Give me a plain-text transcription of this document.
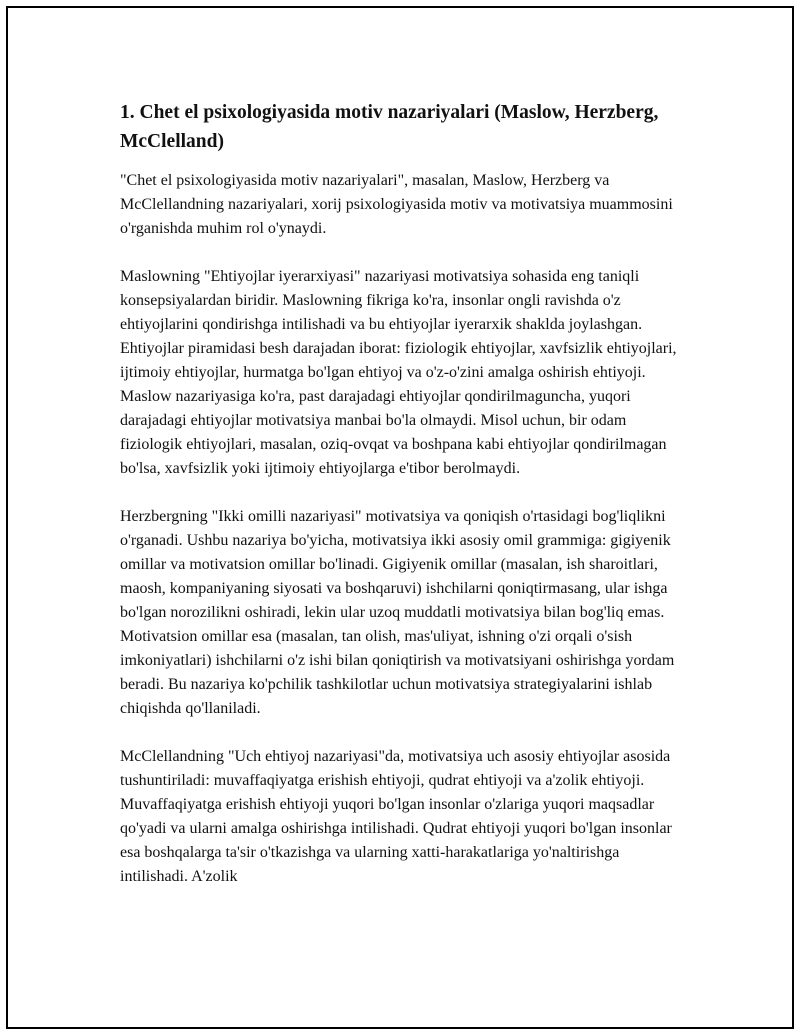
1. Chet el psixologiyasida motiv nazariyalari (Maslow, Herzberg, McClelland)

"Chet el psixologiyasida motiv nazariyalari", masalan, Maslow, Herzberg va McClellandning nazariyalari, xorij psixologiyasida motiv va motivatsiya muammosini o'rganishda muhim rol o'ynaydi.

Maslowning "Ehtiyojlar iyerarxiyasi" nazariyasi motivatsiya sohasida eng taniqli konsepsiyalardan biridir. Maslowning fikriga ko'ra, insonlar ongli ravishda o'z ehtiyojlarini qondirishga intilishadi va bu ehtiyojlar iyerarxik shaklda joylashgan. Ehtiyojlar piramidasi besh darajadan iborat: fiziologik ehtiyojlar, xavfsizlik ehtiyojlari, ijtimoiy ehtiyojlar, hurmatga bo'lgan ehtiyoj va o'z-o'zini amalga oshirish ehtiyoji. Maslow nazariyasiga ko'ra, past darajadagi ehtiyojlar qondirilmaguncha, yuqori darajadagi ehtiyojlar motivatsiya manbai bo'la olmaydi. Misol uchun, bir odam fiziologik ehtiyojlari, masalan, oziq-ovqat va boshpana kabi ehtiyojlar qondirilmagan bo'lsa, xavfsizlik yoki ijtimoiy ehtiyojlarga e'tibor berolmaydi.

Herzbergning "Ikki omilli nazariyasi" motivatsiya va qoniqish o'rtasidagi bog'liqlikni o'rganadi. Ushbu nazariya bo'yicha, motivatsiya ikki asosiy omil grammiga: gigiyenik omillar va motivatsion omillar bo'linadi. Gigiyenik omillar (masalan, ish sharoitlari, maosh, kompaniyaning siyosati va boshqaruvi) ishchilarni qoniqtirmasang, ular ishga bo'lgan norozilikni oshiradi, lekin ular uzoq muddatli motivatsiya bilan bog'liq emas. Motivatsion omillar esa (masalan, tan olish, mas'uliyat, ishning o'zi orqali o'sish imkoniyatlari) ishchilarni o'z ishi bilan qoniqtirish va motivatsiyani oshirishga yordam beradi. Bu nazariya ko'pchilik tashkilotlar uchun motivatsiya strategiyalarini ishlab chiqishda qo'llaniladi.

McClellandning "Uch ehtiyoj nazariyasi"da, motivatsiya uch asosiy ehtiyojlar asosida tushuntiriladi: muvaffaqiyatga erishish ehtiyoji, qudrat ehtiyoji va a'zolik ehtiyoji. Muvaffaqiyatga erishish ehtiyoji yuqori bo'lgan insonlar o'zlariga yuqori maqsadlar qo'yadi va ularni amalga oshirishga intilishadi. Qudrat ehtiyoji yuqori bo'lgan insonlar esa boshqalarga ta'sir o'tkazishga va ularning xatti-harakatlariga yo'naltirishga intilishadi. A'zolik
